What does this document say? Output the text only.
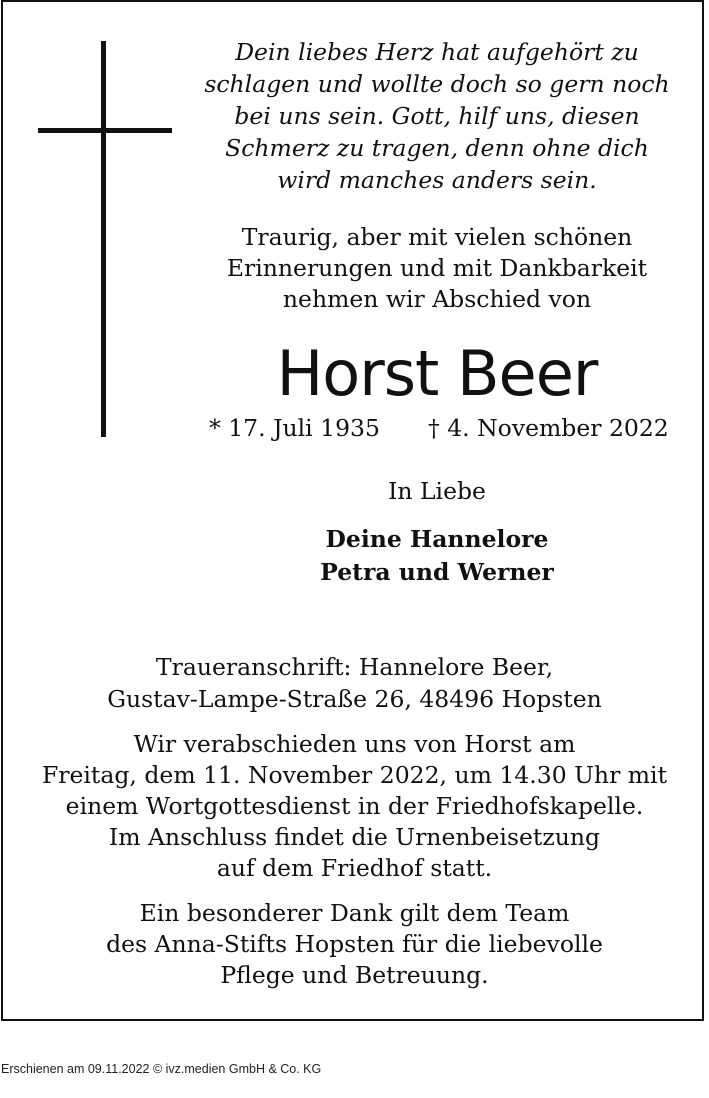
Dein liebes Herz hat aufgehört zu
schlagen und wollte doch so gern noch
bei uns sein. Gott, hilf uns, diesen
Schmerz zu tragen, denn ohne dich
wird manches anders sein.
Traurig, aber mit vielen schönen
Erinnerungen und mit Dankbarkeit
nehmen wir Abschied von
Horst Beer
* 17. Juli 1935 † 4. November 2022
In Liebe
Deine Hannelore
Petra und Werner
Traueranschrift: Hannelore Beer,
Gustav-Lampe-Straße 26, 48496 Hopsten
Wir verabschieden uns von Horst am
Freitag, dem 11. November 2022, um 14.30 Uhr mit
einem Wortgottesdienst in der Friedhofskapelle.
Im Anschluss findet die Urnenbeisetzung
auf dem Friedhof statt.
Ein besonderer Dank gilt dem Team
des Anna-Stifts Hopsten für die liebevolle
Pflege und Betreuung.
Erschienen am 09.11.2022 © ivz.medien GmbH & Co. KG
